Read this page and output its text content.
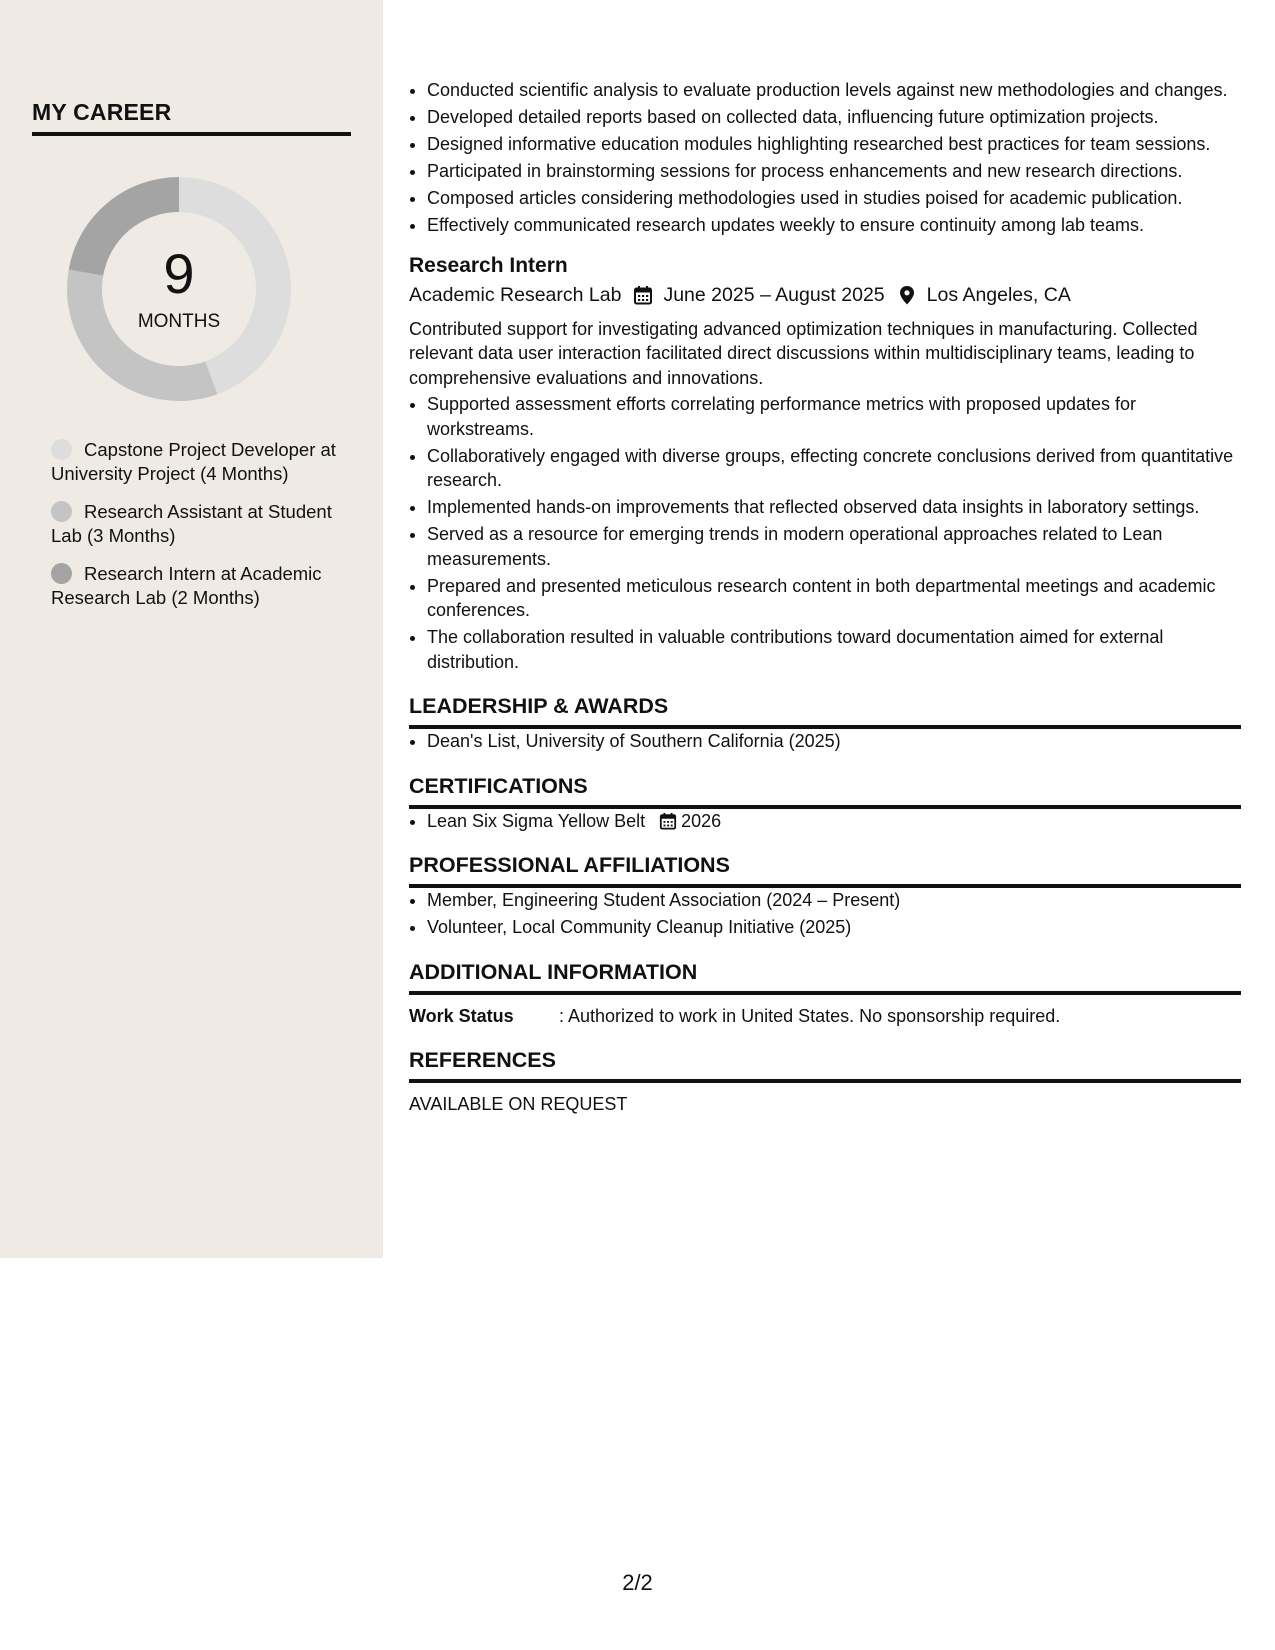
MY CAREER
9
MONTHS
Capstone Project Developer at University Project (4 Months)
Research Assistant at Student Lab (3 Months)
Research Intern at Academic Research Lab (2 Months)
• Conducted scientific analysis to evaluate production levels against new methodologies and changes.
• Developed detailed reports based on collected data, influencing future optimization projects.
• Designed informative education modules highlighting researched best practices for team sessions.
• Participated in brainstorming sessions for process enhancements and new research directions.
• Composed articles considering methodologies used in studies poised for academic publication.
• Effectively communicated research updates weekly to ensure continuity among lab teams.
Research Intern
Academic Research Lab June 2025 – August 2025 Los Angeles, CA
Contributed support for investigating advanced optimization techniques in manufacturing. Collected relevant data user interaction facilitated direct discussions within multidisciplinary teams, leading to comprehensive evaluations and innovations.
• Supported assessment efforts correlating performance metrics with proposed updates for workstreams.
• Collaboratively engaged with diverse groups, effecting concrete conclusions derived from quantitative research.
• Implemented hands-on improvements that reflected observed data insights in laboratory settings.
• Served as a resource for emerging trends in modern operational approaches related to Lean measurements.
• Prepared and presented meticulous research content in both departmental meetings and academic conferences.
• The collaboration resulted in valuable contributions toward documentation aimed for external distribution.
LEADERSHIP & AWARDS
• Dean's List, University of Southern California (2025)
CERTIFICATIONS
• Lean Six Sigma Yellow Belt 2026
PROFESSIONAL AFFILIATIONS
• Member, Engineering Student Association (2024 – Present)
• Volunteer, Local Community Cleanup Initiative (2025)
ADDITIONAL INFORMATION
Work Status	: Authorized to work in United States. No sponsorship required.
REFERENCES
AVAILABLE ON REQUEST
2/2
